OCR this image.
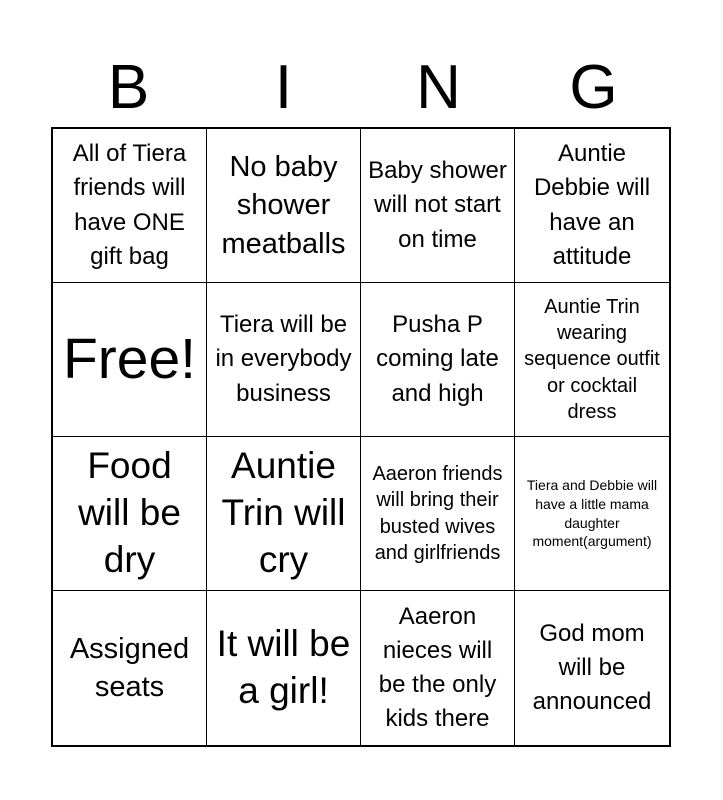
B	I	N	G
All of Tiera friends will have ONE gift bag
No baby shower meatballs
Baby shower will not start on time
Auntie Debbie will have an attitude
Free!
Tiera will be in everybody business
Pusha P coming late and high
Auntie Trin wearing sequence outfit or cocktail dress
Food will be dry
Auntie Trin will cry
Aaeron friends will bring their busted wives and girlfriends
Tiera and Debbie will have a little mama daughter moment(argument)
Assigned seats
It will be a girl!
Aaeron nieces will be the only kids there
God mom will be announced
